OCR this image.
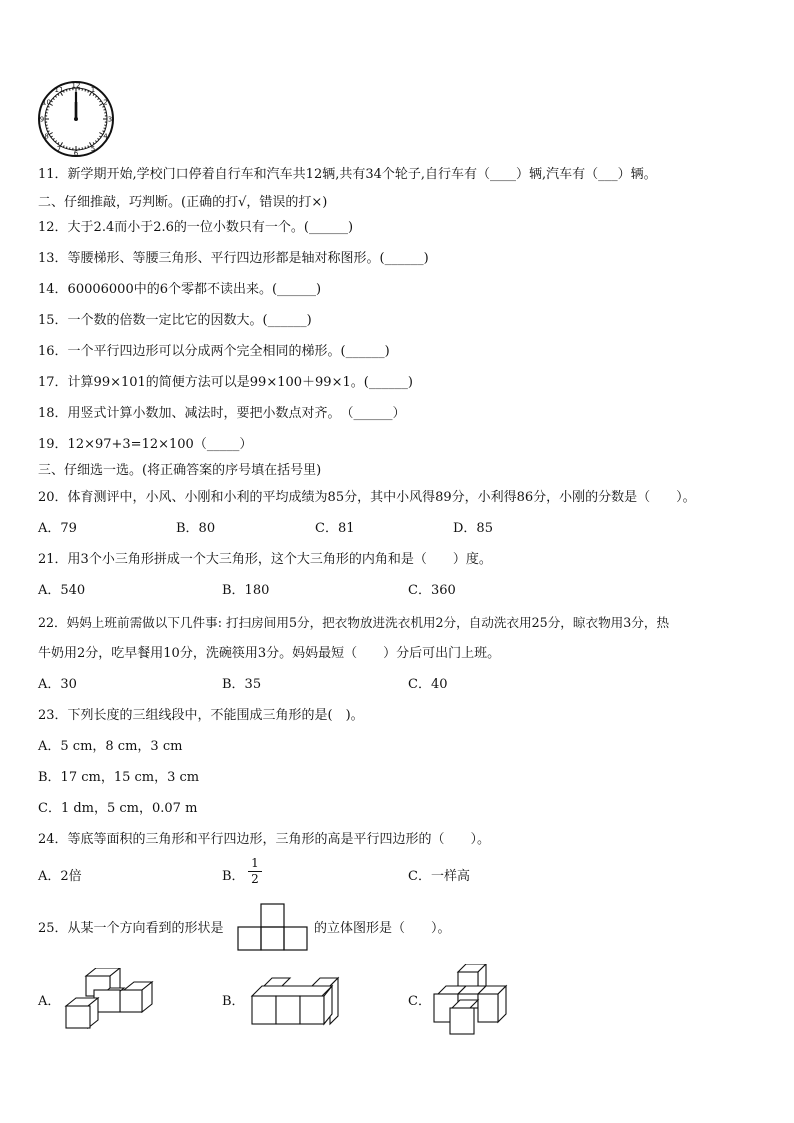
12
1
2
3
4
5
6
7
8
9
10
11
11．新学期开始,学校门口停着自行车和汽车共12辆,共有34个轮子,自行车有（____）辆,汽车有（___）辆。
二、仔细推敲，巧判断。(正确的打√，错误的打×)
12．大于2.4而小于2.6的一位小数只有一个。(______)
13．等腰梯形、等腰三角形、平行四边形都是轴对称图形。(______)
14．60006000中的6个零都不读出来。(______)
15．一个数的倍数一定比它的因数大。(______)
16．一个平行四边形可以分成两个完全相同的梯形。(______)
17．计算99×101的简便方法可以是99×100＋99×1。(______)
18．用竖式计算小数加、减法时，要把小数点对齐。　（______）
19．12×97+3=12×100（_____）
三、仔细选一选。(将正确答案的序号填在括号里)
20．体育测评中，小风、小刚和小利的平均成绩为85分，其中小风得89分，小利得86分，小刚的分数是（　　）。
A．79	B．80	C．81	D．85
21．用3个小三角形拼成一个大三角形，这个大三角形的内角和是（　　）度。
A．540	B．180	C．360
22．妈妈上班前需做以下几件事: 打扫房间用5分，把衣物放进洗衣机用2分，自动洗衣用25分，晾衣物用3分，热
牛奶用2分，吃早餐用10分，洗碗筷用3分。妈妈最短（　　）分后可出门上班。
A．30	B．35	C．40
23．下列长度的三组线段中，不能围成三角形的是(　)。
A．5 cm，8 cm，3 cm
B．17 cm，15 cm，3 cm
C．1 dm，5 cm，0.07 m
24．等底等面积的三角形和平行四边形，三角形的高是平行四边形的（　　）。
A．2倍	B．
1
2	C．一样高
25．从某一个方向看到的形状是	的立体图形是（　　）。
A．	B．	C．
